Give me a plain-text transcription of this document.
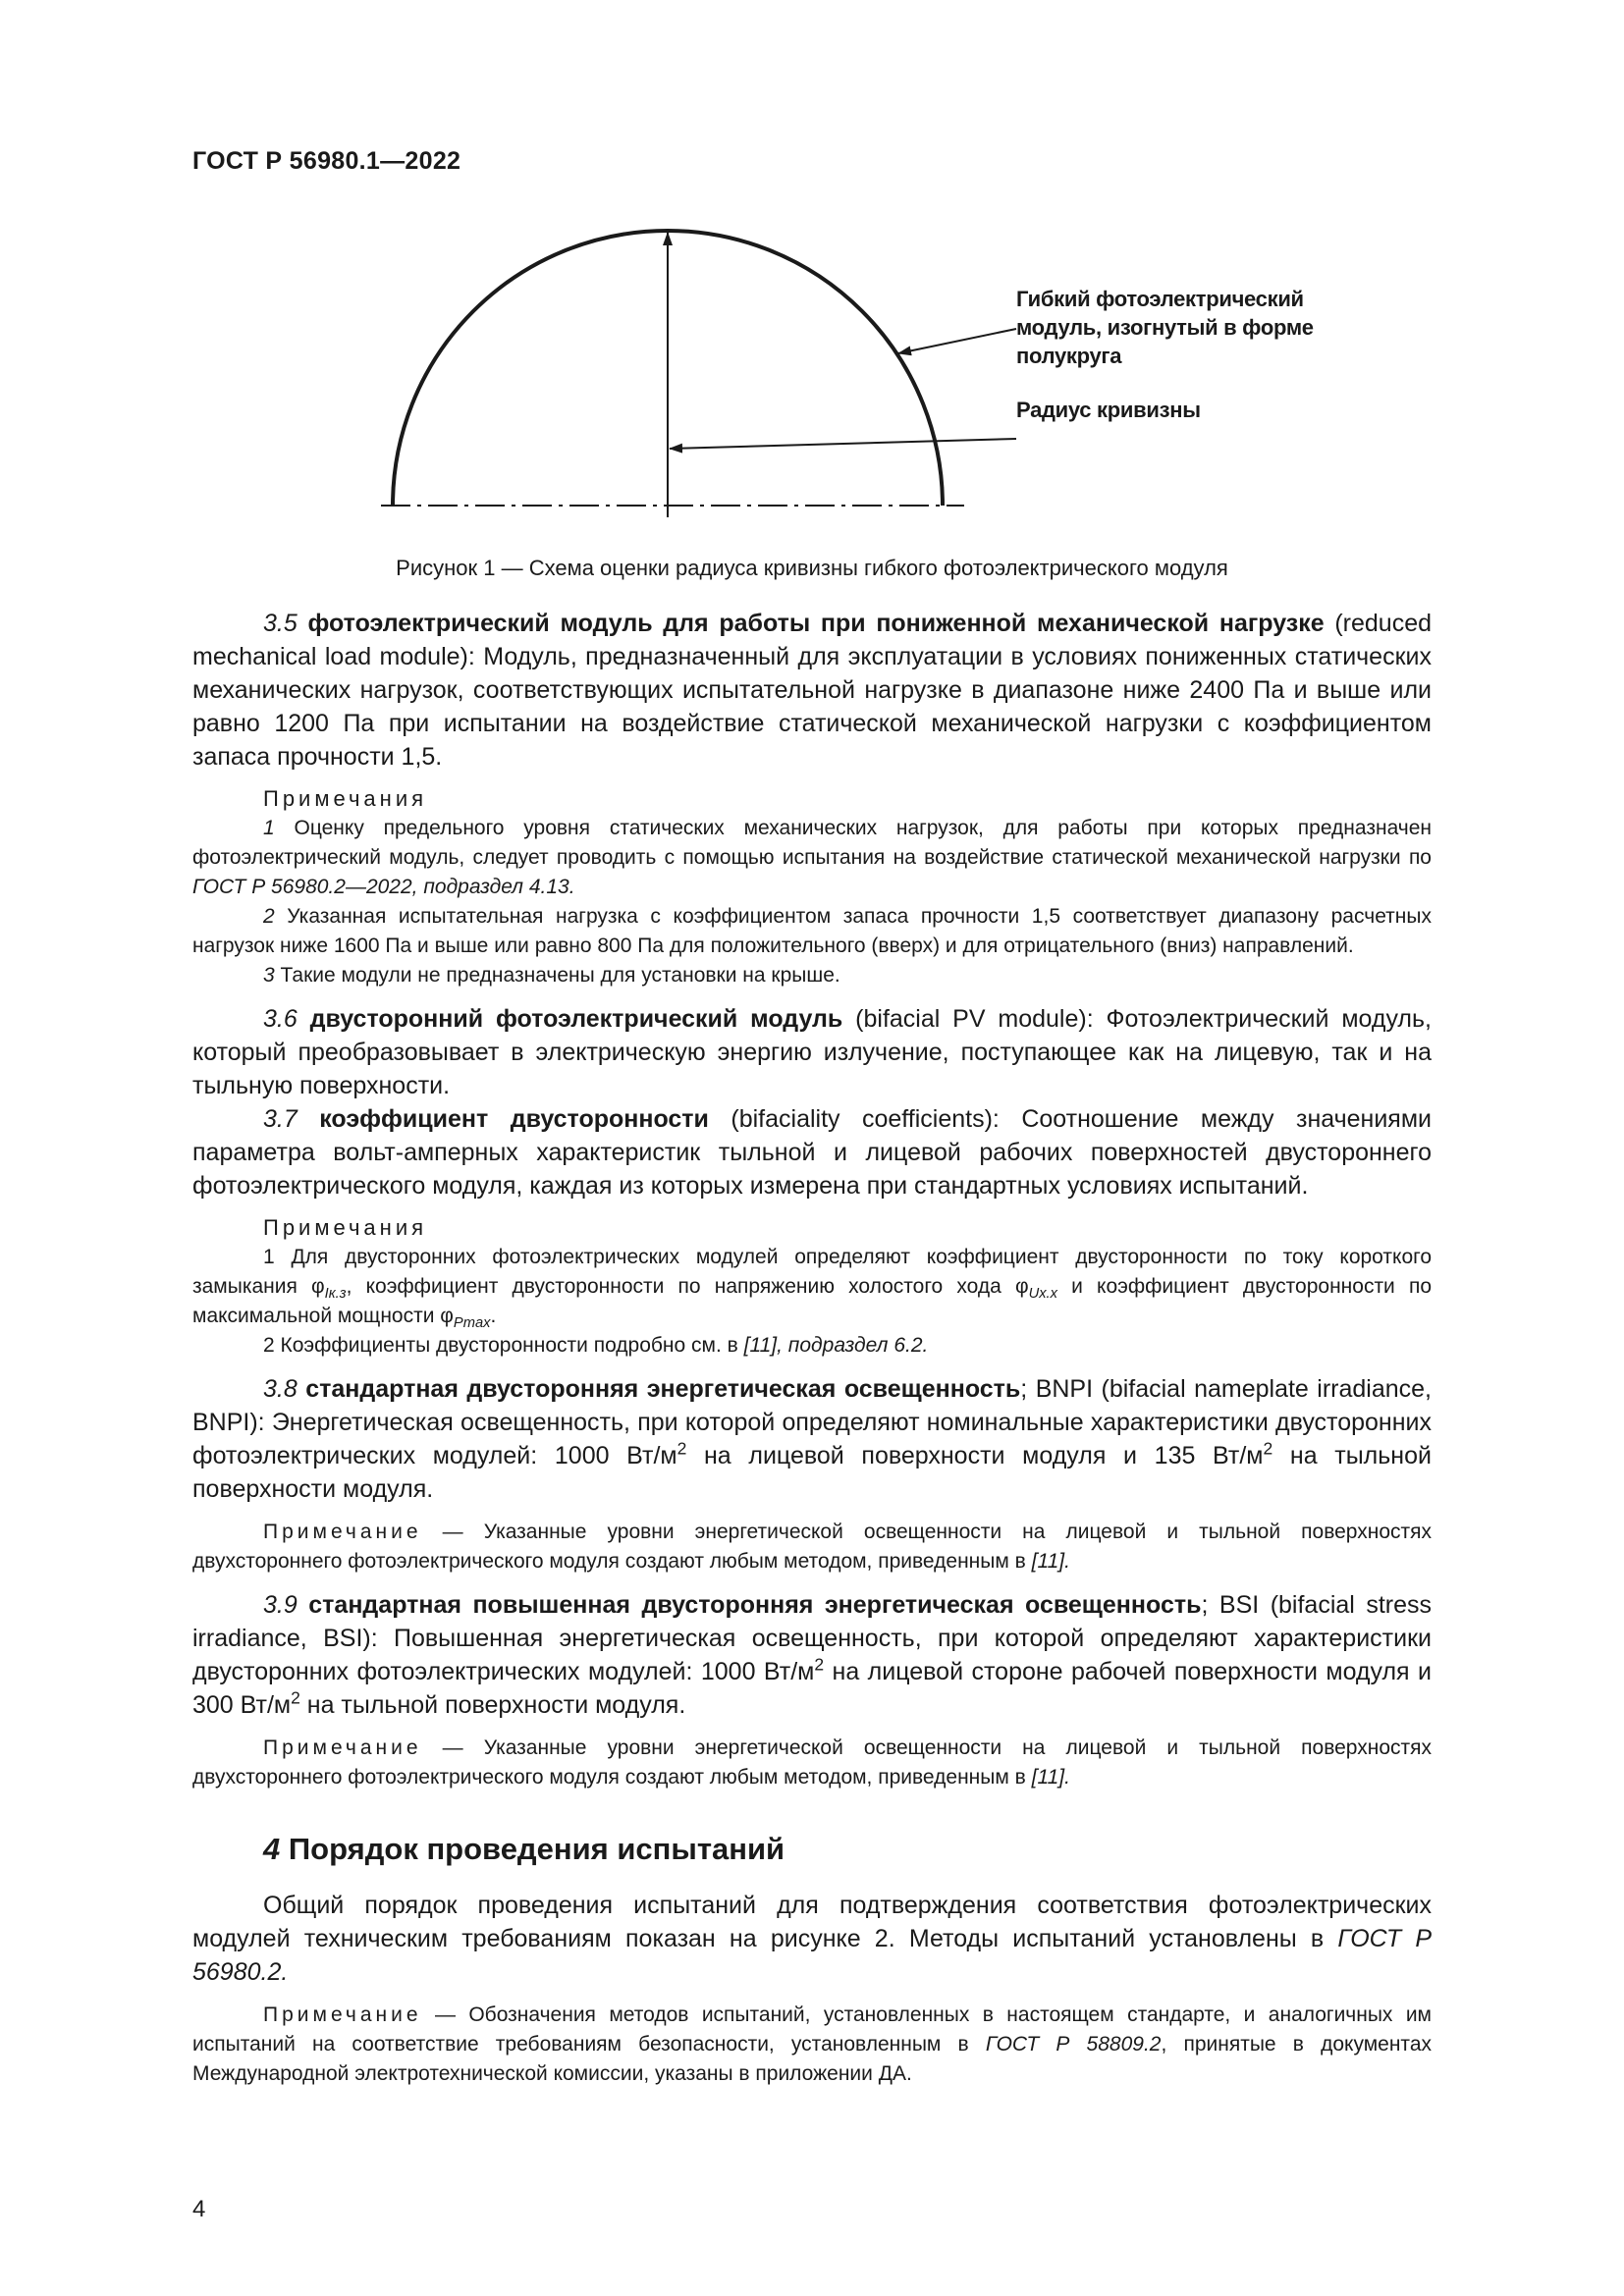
ГОСТ Р 56980.1—2022
Гибкий фотоэлектрический
модуль, изогнутый в форме
полукруга
Радиус кривизны
Рисунок 1 — Схема оценки радиуса кривизны гибкого фотоэлектрического модуля

3.5 фотоэлектрический модуль для работы при пониженной механической нагрузке (reduced mechanical load module): Модуль, предназначенный для эксплуатации в условиях пониженных статических механических нагрузок, соответствующих испытательной нагрузке в диапазоне ниже 2400 Па и выше или равно 1200 Па при испытании на воздействие статической механической нагрузки с коэффициентом запаса прочности 1,5.

Примечания

1 Оценку предельного уровня статических механических нагрузок, для работы при которых предназначен фотоэлектрический модуль, следует проводить с помощью испытания на воздействие статической механической нагрузки по ГОСТ Р 56980.2—2022, подраздел 4.13.

2 Указанная испытательная нагрузка с коэффициентом запаса прочности 1,5 соответствует диапазону расчетных нагрузок ниже 1600 Па и выше или равно 800 Па для положительного (вверх) и для отрицательного (вниз) направлений.

3 Такие модули не предназначены для установки на крыше.

3.6 двусторонний фотоэлектрический модуль (bifacial PV module): Фотоэлектрический модуль, который преобразовывает в электрическую энергию излучение, поступающее как на лицевую, так и на тыльную поверхности.

3.7 коэффициент двусторонности (bifaciality coefficients): Соотношение между значениями параметра вольт-амперных характеристик тыльной и лицевой рабочих поверхностей двустороннего фотоэлектрического модуля, каждая из которых измерена при стандартных условиях испытаний.

Примечания

1 Для двусторонних фотоэлектрических модулей определяют коэффициент двусторонности по току короткого замыкания $\varphi_{Iк.з}$, коэффициент двусторонности по напряжению холостого хода $\varphi_{Uх.х}$ и коэффициент двусторонности по максимальной мощности $\varphi_{Pmax}$.

2 Коэффициенты двусторонности подробно см. в [11], подраздел 6.2.

3.8 стандартная двусторонняя энергетическая освещенность; BNPI (bifacial nameplate irradiance, BNPI): Энергетическая освещенность, при которой определяют номинальные характеристики двусторонних фотоэлектрических модулей: 1000 $Вт/м^2$ на лицевой поверхности модуля и 135 $Вт/м^2$ на тыльной поверхности модуля.

Примечание — Указанные уровни энергетической освещенности на лицевой и тыльной поверхностях двухстороннего фотоэлектрического модуля создают любым методом, приведенным в [11].

3.9 стандартная повышенная двусторонняя энергетическая освещенность; BSI (bifacial stress irradiance, BSI): Повышенная энергетическая освещенность, при которой определяют характеристики двусторонних фотоэлектрических модулей: 1000 $Вт/м^2$ на лицевой стороне рабочей поверхности модуля и 300 $Вт/м^2$ на тыльной поверхности модуля.

Примечание — Указанные уровни энергетической освещенности на лицевой и тыльной поверхностях двухстороннего фотоэлектрического модуля создают любым методом, приведенным в [11].

4 Порядок проведения испытаний

Общий порядок проведения испытаний для подтверждения соответствия фотоэлектрических модулей техническим требованиям показан на рисунке 2. Методы испытаний установлены в ГОСТ Р 56980.2.

Примечание — Обозначения методов испытаний, установленных в настоящем стандарте, и аналогичных им испытаний на соответствие требованиям безопасности, установленным в ГОСТ Р 58809.2, принятые в документах Международной электротехнической комиссии, указаны в приложении ДА.

4
